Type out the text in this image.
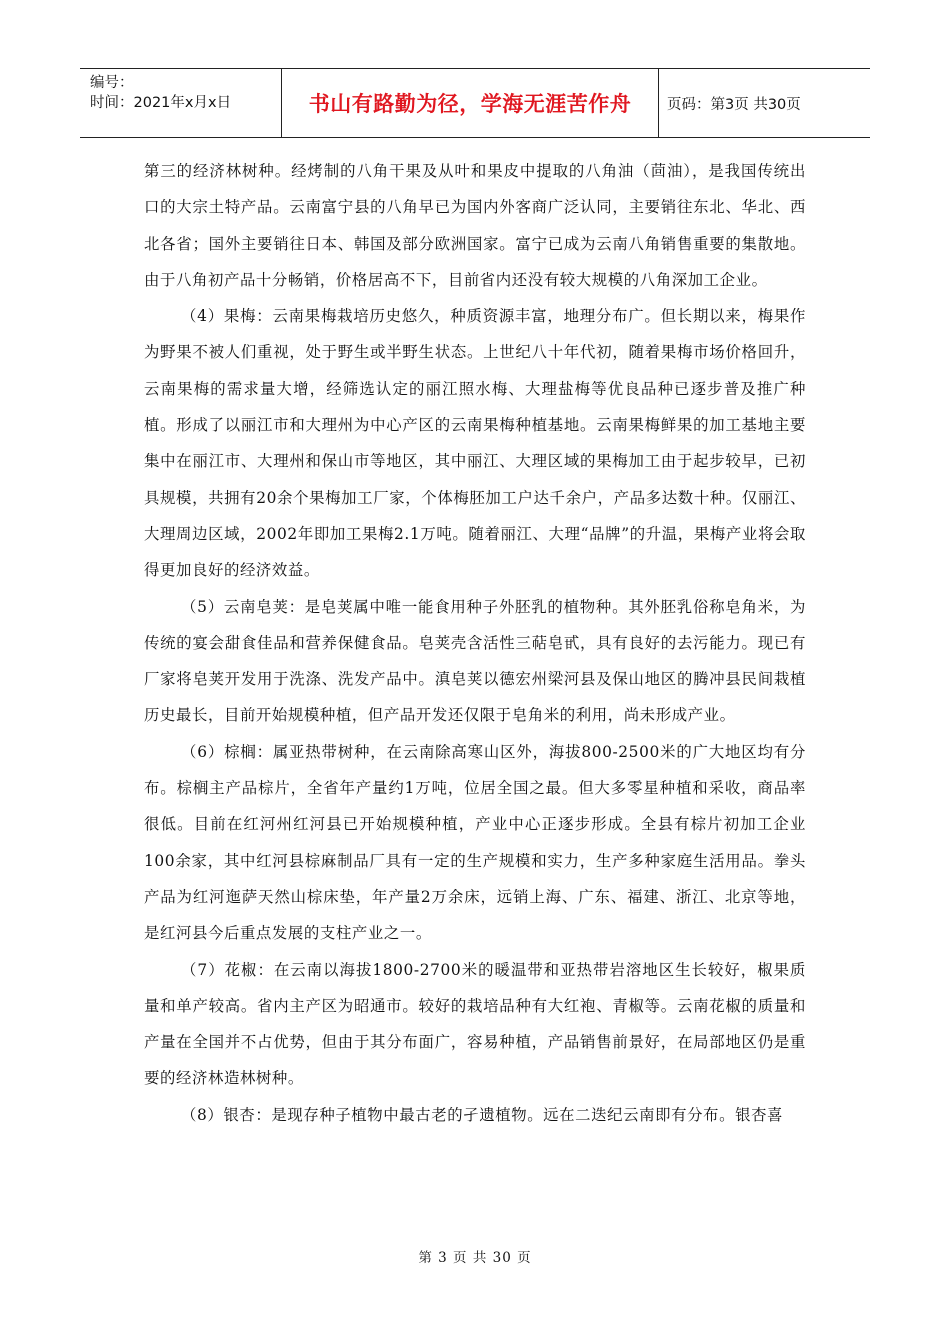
编号：
时间：2021年x月x日	书山有路勤为径，学海无涯苦作舟	页码：第3页 共30页

第三的经济林树种。经烤制的八角干果及从叶和果皮中提取的八角油（茴油），是我国传统出口的大宗土特产品。云南富宁县的八角早已为国内外客商广泛认同，主要销往东北、华北、西北各省；国外主要销往日本、韩国及部分欧洲国家。富宁已成为云南八角销售重要的集散地。由于八角初产品十分畅销，价格居高不下，目前省内还没有较大规模的八角深加工企业。

（4）果梅：云南果梅栽培历史悠久，种质资源丰富，地理分布广。但长期以来，梅果作为野果不被人们重视，处于野生或半野生状态。上世纪八十年代初，随着果梅市场价格回升，云南果梅的需求量大增，经筛选认定的丽江照水梅、大理盐梅等优良品种已逐步普及推广种植。形成了以丽江市和大理州为中心产区的云南果梅种植基地。云南果梅鲜果的加工基地主要集中在丽江市、大理州和保山市等地区，其中丽江、大理区域的果梅加工由于起步较早，已初具规模，共拥有20余个果梅加工厂家，个体梅胚加工户达千余户，产品多达数十种。仅丽江、大理周边区域，2002年即加工果梅2.1万吨。随着丽江、大理“品牌”的升温，果梅产业将会取得更加良好的经济效益。

（5）云南皂荚：是皂荚属中唯一能食用种子外胚乳的植物种。其外胚乳俗称皂角米，为传统的宴会甜食佳品和营养保健食品。皂荚壳含活性三萜皂甙，具有良好的去污能力。现已有厂家将皂荚开发用于洗涤、洗发产品中。滇皂荚以德宏州梁河县及保山地区的腾冲县民间栽植历史最长，目前开始规模种植，但产品开发还仅限于皂角米的利用，尚未形成产业。

（6）棕榈：属亚热带树种，在云南除高寒山区外，海拔800-2500米的广大地区均有分布。棕榈主产品棕片，全省年产量约1万吨，位居全国之最。但大多零星种植和采收，商品率很低。目前在红河州红河县已开始规模种植，产业中心正逐步形成。全县有棕片初加工企业100余家，其中红河县棕麻制品厂具有一定的生产规模和实力，生产多种家庭生活用品。拳头产品为红河迤萨天然山棕床垫，年产量2万余床，远销上海、广东、福建、浙江、北京等地，是红河县今后重点发展的支柱产业之一。

（7）花椒：在云南以海拔1800-2700米的暖温带和亚热带岩溶地区生长较好，椒果质量和单产较高。省内主产区为昭通市。较好的栽培品种有大红袍、青椒等。云南花椒的质量和产量在全国并不占优势，但由于其分布面广，容易种植，产品销售前景好，在局部地区仍是重要的经济林造林树种。

（8）银杏：是现存种子植物中最古老的孑遗植物。远在二迭纪云南即有分布。银杏喜

第 3 页 共 30 页
